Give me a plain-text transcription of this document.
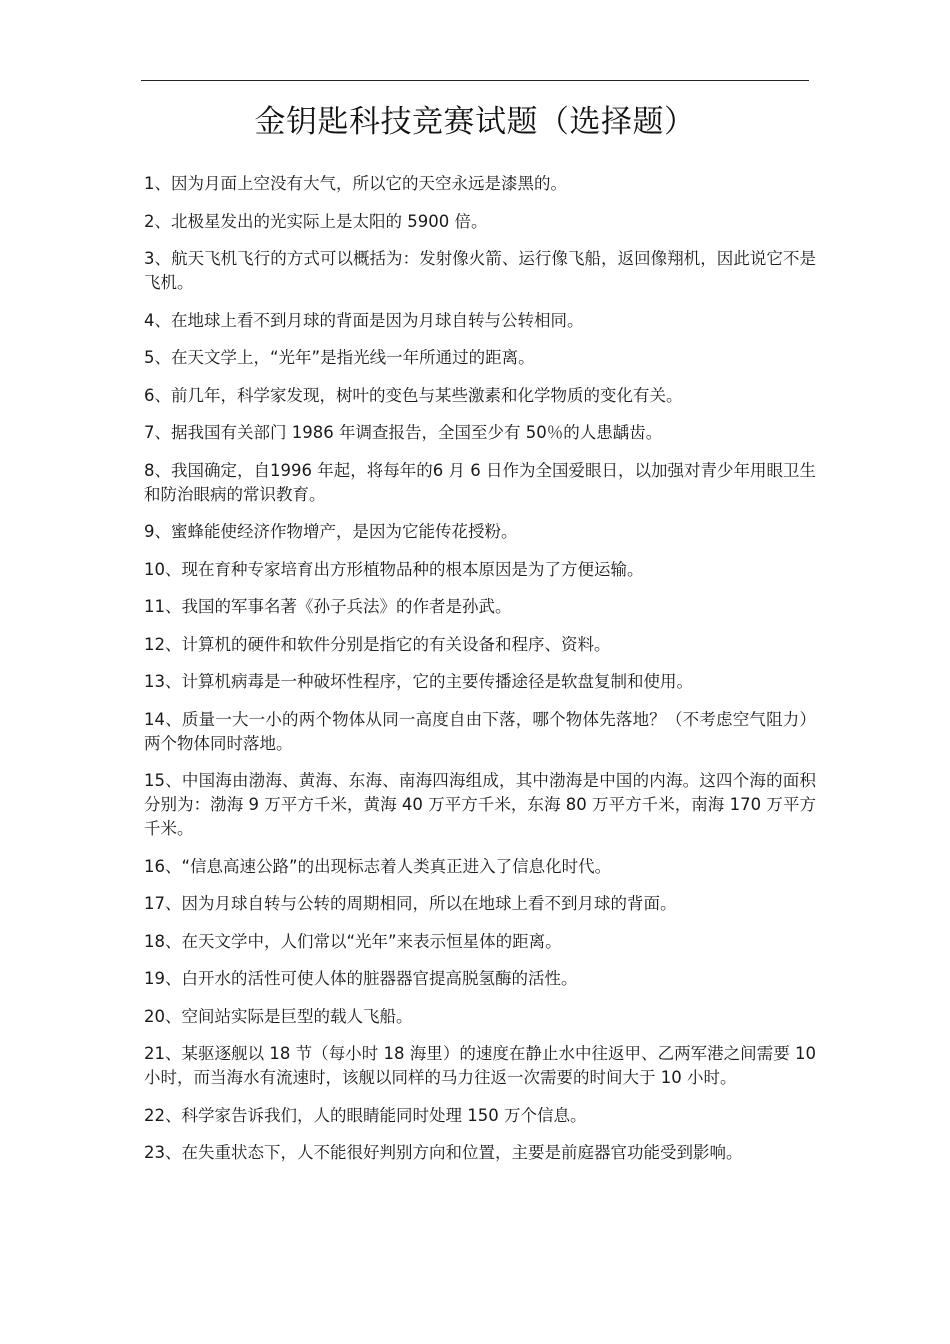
金钥匙科技竞赛试题（选择题）
1、因为月面上空没有大气，所以它的天空永远是漆黑的。
2、北极星发出的光实际上是太阳的 5900 倍。
3、航天飞机飞行的方式可以概括为：发射像火箭、运行像飞船，返回像翔机，因此说它不是飞机。
4、在地球上看不到月球的背面是因为月球自转与公转相同。
5、在天文学上，“光年”是指光线一年所通过的距离。
6、前几年，科学家发现，树叶的变色与某些激素和化学物质的变化有关。
7、据我国有关部门 1986 年调查报告，全国至少有 50％的人患龋齿。
8、我国确定，自1996 年起，将每年的6 月 6 日作为全国爱眼日，以加强对青少年用眼卫生和防治眼病的常识教育。
9、蜜蜂能使经济作物增产，是因为它能传花授粉。
10、现在育种专家培育出方形植物品种的根本原因是为了方便运输。
11、我国的军事名著《孙子兵法》的作者是孙武。
12、计算机的硬件和软件分别是指它的有关设备和程序、资料。
13、计算机病毒是一种破坏性程序，它的主要传播途径是软盘复制和使用。
14、质量一大一小的两个物体从同一高度自由下落，哪个物体先落地？（不考虑空气阻力）两个物体同时落地。
15、中国海由渤海、黄海、东海、南海四海组成，其中渤海是中国的内海。这四个海的面积分别为：渤海 9 万平方千米，黄海 40 万平方千米，东海 80 万平方千米，南海 170 万平方千米。
16、“信息高速公路”的出现标志着人类真正进入了信息化时代。
17、因为月球自转与公转的周期相同，所以在地球上看不到月球的背面。
18、在天文学中，人们常以“光年”来表示恒星体的距离。
19、白开水的活性可使人体的脏器器官提高脱氢酶的活性。
20、空间站实际是巨型的载人飞船。
21、某驱逐舰以 18 节（每小时 18 海里）的速度在静止水中往返甲、乙两军港之间需要 10 小时，而当海水有流速时，该舰以同样的马力往返一次需要的时间大于 10 小时。
22、科学家告诉我们，人的眼睛能同时处理 150 万个信息。
23、在失重状态下，人不能很好判别方向和位置，主要是前庭器官功能受到影响。
